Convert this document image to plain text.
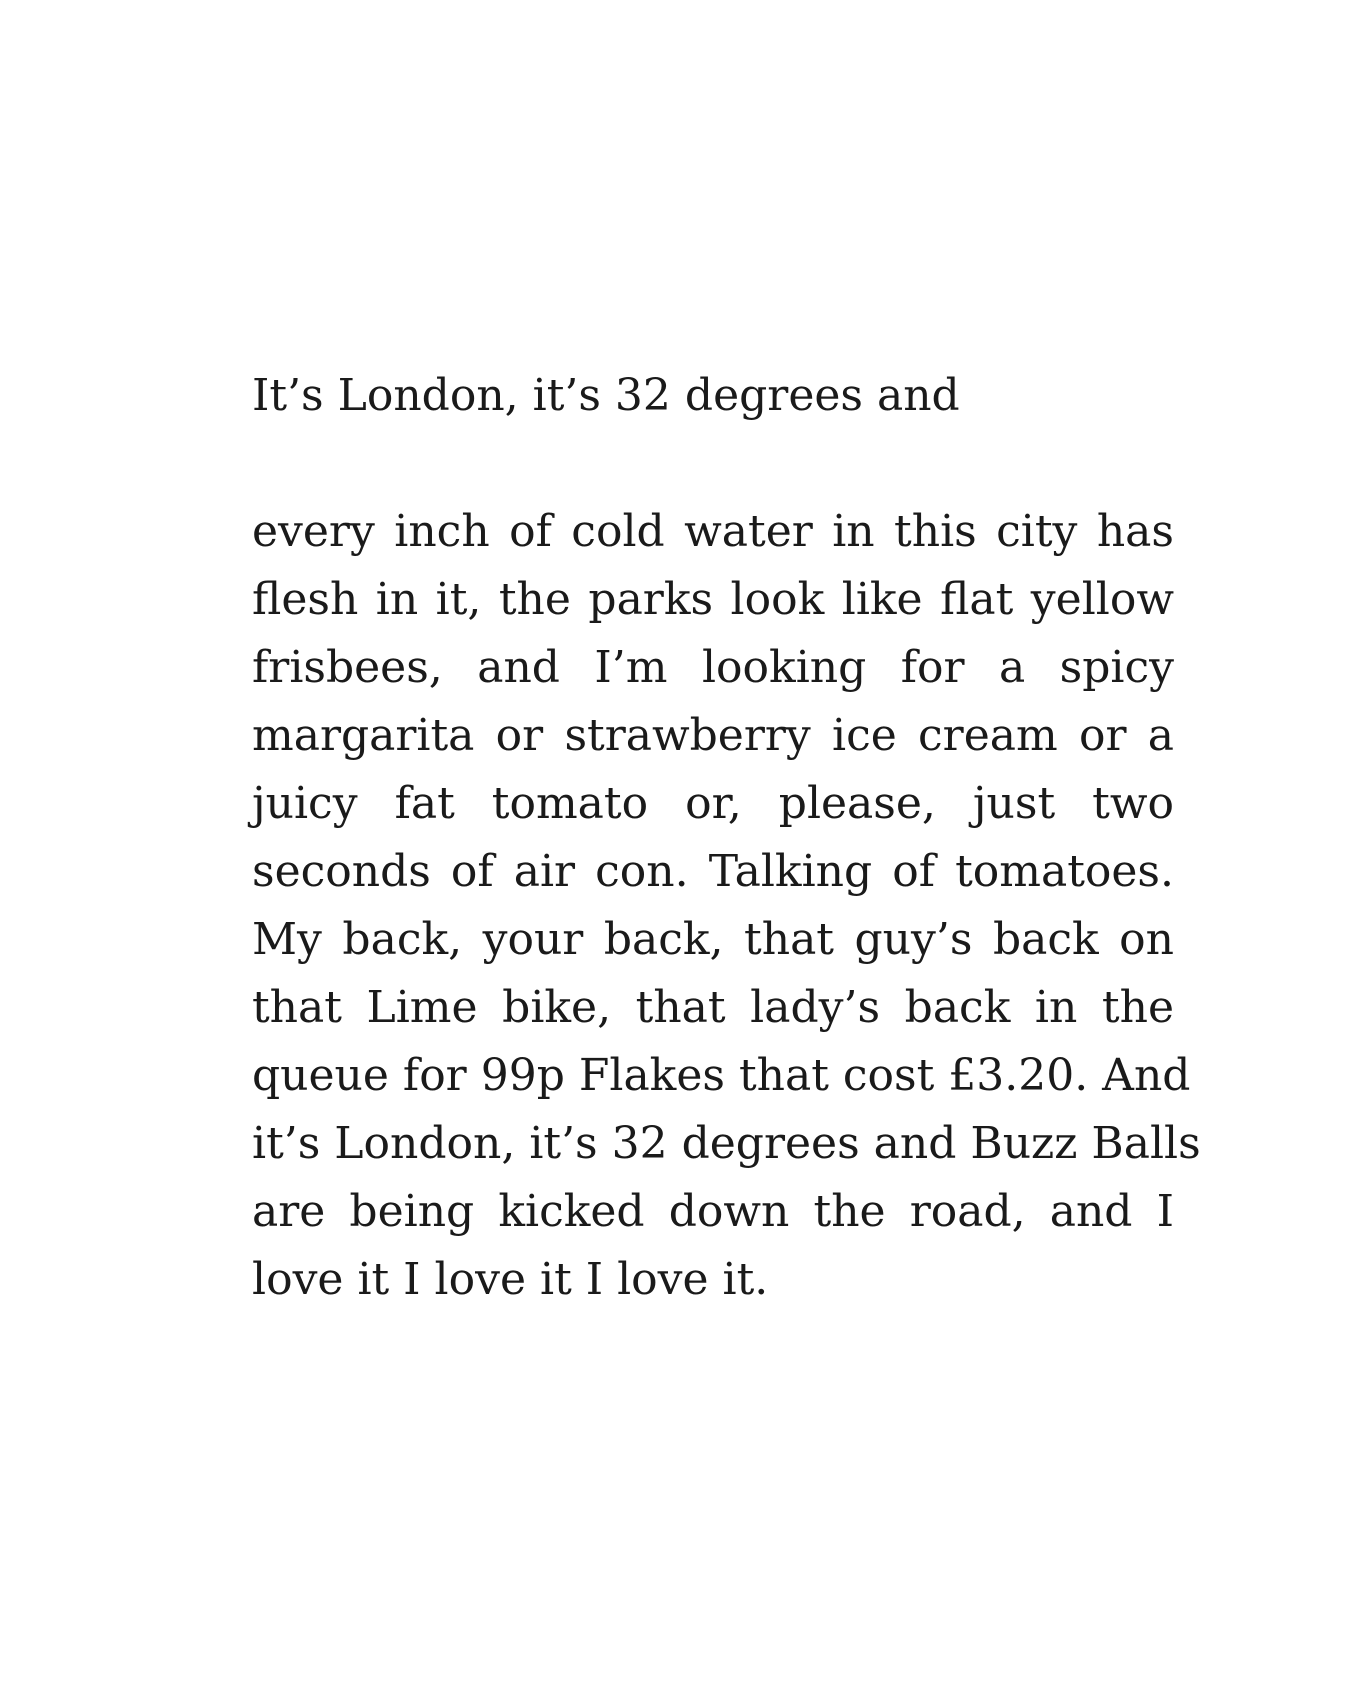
It’s London, it’s 32 degrees and

every inch of cold water in this city has
flesh in it, the parks look like flat yellow
frisbees, and I’m looking for a spicy
margarita or strawberry ice cream or a
juicy fat tomato or, please, just two
seconds of air con. Talking of tomatoes.
My back, your back, that guy’s back on
that Lime bike, that lady’s back in the
queue for 99p Flakes that cost £3.20. And
it’s London, it’s 32 degrees and Buzz Balls
are being kicked down the road, and I
love it I love it I love it.
